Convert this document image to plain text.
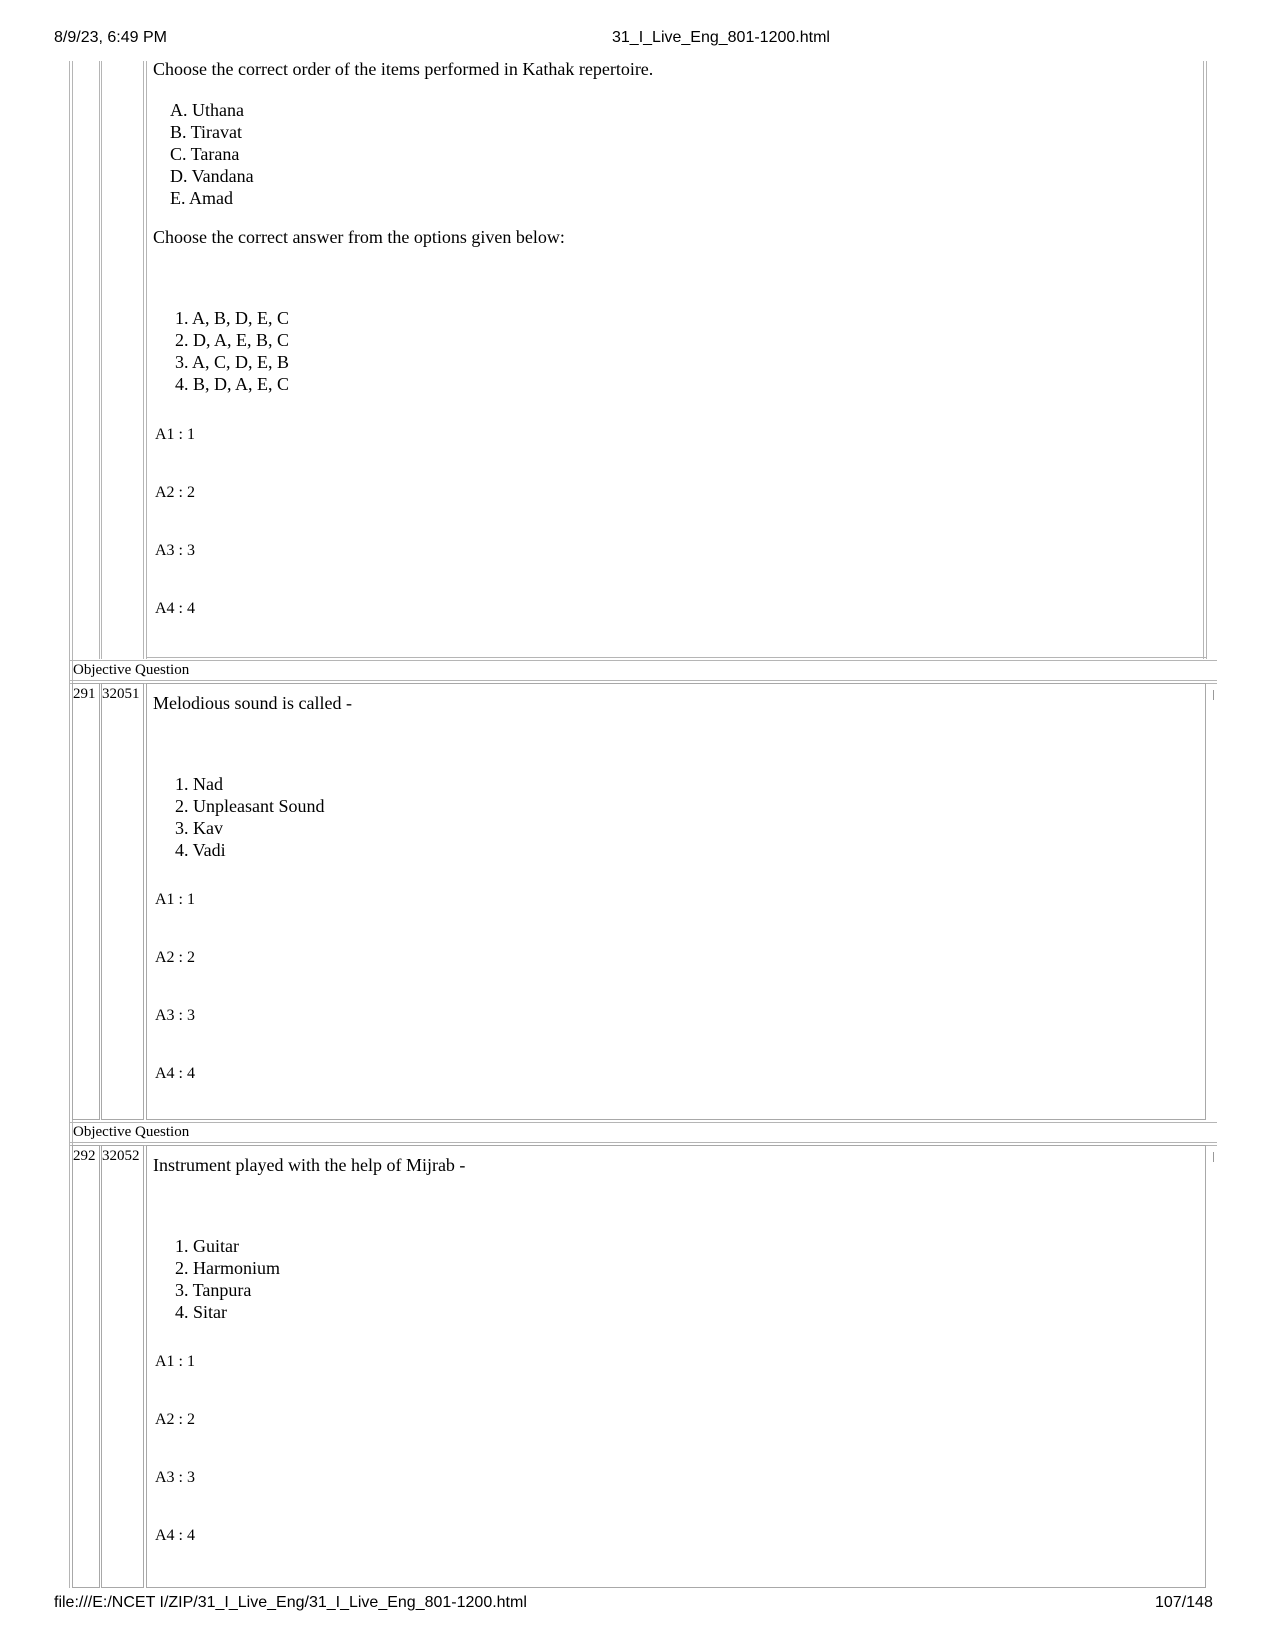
8/9/23, 6:49 PM	31_I_Live_Eng_801-1200.html
Choose the correct order of the items performed in Kathak repertoire.
A. Uthana
B. Tiravat
C. Tarana
D. Vandana
E. Amad
Choose the correct answer from the options given below:
1. A, B, D, E, C
2. D, A, E, B, C
3. A, C, D, E, B
4. B, D, A, E, C
A1 : 1
A2 : 2
A3 : 3
A4 : 4
Objective Question
291 32051 Melodious sound is called -
1. Nad
2. Unpleasant Sound
3. Kav
4. Vadi
A1 : 1
A2 : 2
A3 : 3
A4 : 4
Objective Question
292 32052 Instrument played with the help of Mijrab -
1. Guitar
2. Harmonium
3. Tanpura
4. Sitar
A1 : 1
A2 : 2
A3 : 3
A4 : 4
file:///E:/NCET I/ZIP/31_I_Live_Eng/31_I_Live_Eng_801-1200.html	107/148
